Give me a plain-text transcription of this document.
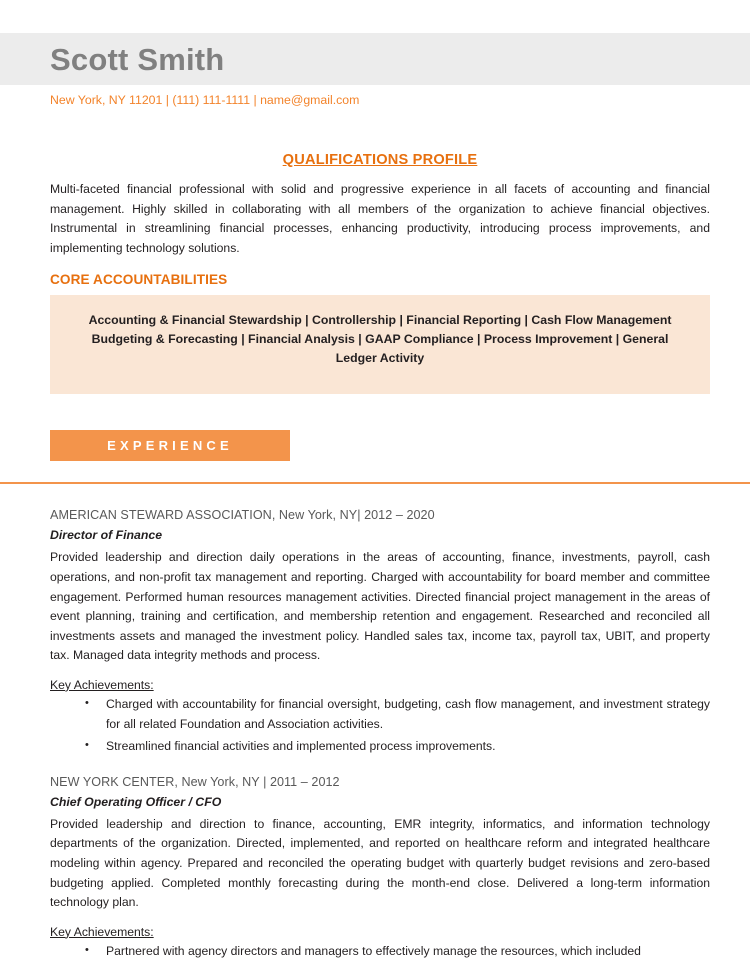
Scott Smith
New York, NY 11201 | (111) 111-1111 | name@gmail.com
QUALIFICATIONS PROFILE

Multi-faceted financial professional with solid and progressive experience in all facets of accounting and financial management. Highly skilled in collaborating with all members of the organization to achieve financial objectives. Instrumental in streamlining financial processes, enhancing productivity, introducing process improvements, and implementing technology solutions.

CORE ACCOUNTABILITIES

Accounting & Financial Stewardship | Controllership | Financial Reporting | Cash Flow Management Budgeting & Forecasting | Financial Analysis | GAAP Compliance | Process Improvement | General Ledger Activity

EXPERIENCE
AMERICAN STEWARD ASSOCIATION, New York, NY| 2012 – 2020
Director of Finance

Provided leadership and direction daily operations in the areas of accounting, finance, investments, payroll, cash operations, and non-profit tax management and reporting. Charged with accountability for board member and committee engagement. Performed human resources management activities. Directed financial project management in the areas of event planning, training and certification, and membership retention and engagement. Researched and reconciled all investments assets and managed the investment policy. Handled sales tax, income tax, payroll tax, UBIT, and property tax. Managed data integrity methods and process.

Key Achievements:
• Charged with accountability for financial oversight, budgeting, cash flow management, and investment strategy for all related Foundation and Association activities.
• Streamlined financial activities and implemented process improvements.
NEW YORK CENTER, New York, NY | 2011 – 2012
Chief Operating Officer / CFO

Provided leadership and direction to finance, accounting, EMR integrity, informatics, and information technology departments of the organization. Directed, implemented, and reported on healthcare reform and integrated healthcare modeling within agency. Prepared and reconciled the operating budget with quarterly budget revisions and zero-based budgeting applied. Completed monthly forecasting during the month-end close. Delivered a long-term information technology plan.

Key Achievements:
• Partnered with agency directors and managers to effectively manage the resources, which included
